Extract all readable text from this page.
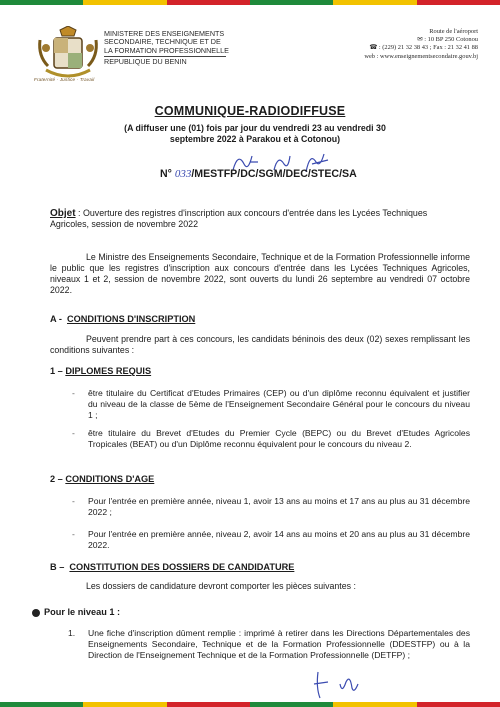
Fraternité · Justice · Travail
MINISTERE DES ENSEIGNEMENTS
SECONDAIRE, TECHNIQUE ET DE
LA FORMATION PROFESSIONNELLE
REPUBLIQUE DU BENIN
Route de l'aéroport
✉ : 10 BP 250 Cotonou
☎ : (229) 21 32 38 43 ; Fax : 21 32 41 88
web : www.enseignementsecondaire.gouv.bj
COMMUNIQUE-RADIODIFFUSE
(A diffuser une (01) fois par jour du vendredi 23 au vendredi 30 septembre 2022 à Parakou et à Cotonou)
N° 033/MESTFP/DC/SGM/DEC/STEC/SA
Objet : Ouverture des registres d'inscription aux concours d'entrée dans les Lycées Techniques Agricoles, session de novembre 2022
Le Ministre des Enseignements Secondaire, Technique et de la Formation Professionnelle informe le public que les registres d'inscription aux concours d'entrée dans les Lycées Techniques Agricoles, niveaux 1 et 2, session de novembre 2022, sont ouverts du lundi 26 septembre au vendredi 07 octobre 2022.
A - CONDITIONS D'INSCRIPTION
Peuvent prendre part à ces concours, les candidats béninois des deux (02) sexes remplissant les conditions suivantes :
1 – DIPLOMES REQUIS
- être titulaire du Certificat d'Etudes Primaires (CEP) ou d'un diplôme reconnu équivalent et justifier du niveau de la classe de 5ème de l'Enseignement Secondaire Général pour le concours du niveau 1 ;
- être titulaire du Brevet d'Etudes du Premier Cycle (BEPC) ou du Brevet d'Etudes Agricoles Tropicales (BEAT) ou d'un Diplôme reconnu équivalent pour le concours du niveau 2.
2 – CONDITIONS D'AGE
- Pour l'entrée en première année, niveau 1, avoir 13 ans au moins et 17 ans au plus au 31 décembre 2022 ;
- Pour l'entrée en première année, niveau 2, avoir 14 ans au moins et 20 ans au plus au 31 décembre 2022.
B – CONSTITUTION DES DOSSIERS DE CANDIDATURE
Les dossiers de candidature devront comporter les pièces suivantes :
Pour le niveau 1 :
1. Une fiche d'inscription dûment remplie : imprimé à retirer dans les Directions Départementales des Enseignements Secondaire, Technique et de la Formation Professionnelle (DDESTFP) ou à la Direction de l'Enseignement Technique et de la Formation Professionnelle (DETFP) ;
